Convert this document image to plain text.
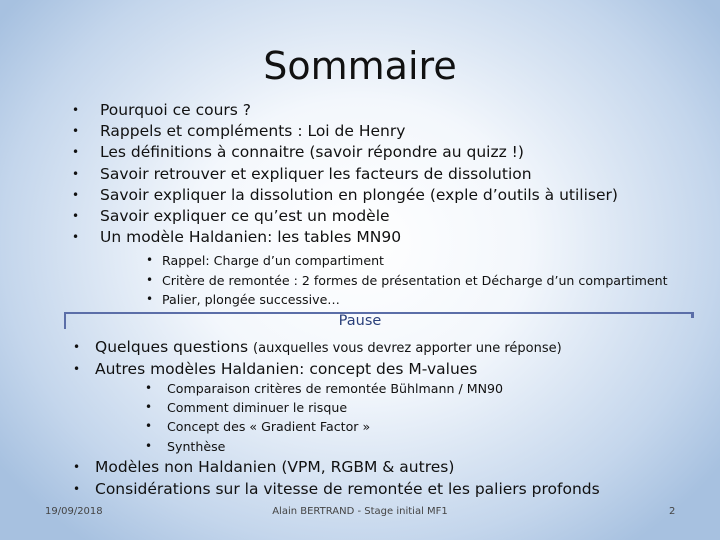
Sommaire
• Pourquoi ce cours ?
• Rappels et compléments : Loi de Henry
• Les définitions à connaitre (savoir répondre au quizz !)
• Savoir retrouver et expliquer les facteurs de dissolution
• Savoir expliquer la dissolution en plongée (exple d’outils à utiliser)
• Savoir expliquer ce qu’est un modèle
• Un modèle Haldanien: les tables MN90
• Rappel: Charge d’un compartiment
• Critère de remontée : 2 formes de présentation et Décharge d’un compartiment
• Palier, plongée successive…
Pause
• Quelques questions (auxquelles vous devrez apporter une réponse)
• Autres modèles Haldanien: concept des M-values
• Comparaison critères de remontée Bühlmann / MN90
• Comment diminuer le risque
• Concept des « Gradient Factor »
• Synthèse
• Modèles non Haldanien (VPM, RGBM & autres)
• Considérations sur la vitesse de remontée et les paliers profonds
19/09/2018	Alain BERTRAND - Stage initial MF1	2
